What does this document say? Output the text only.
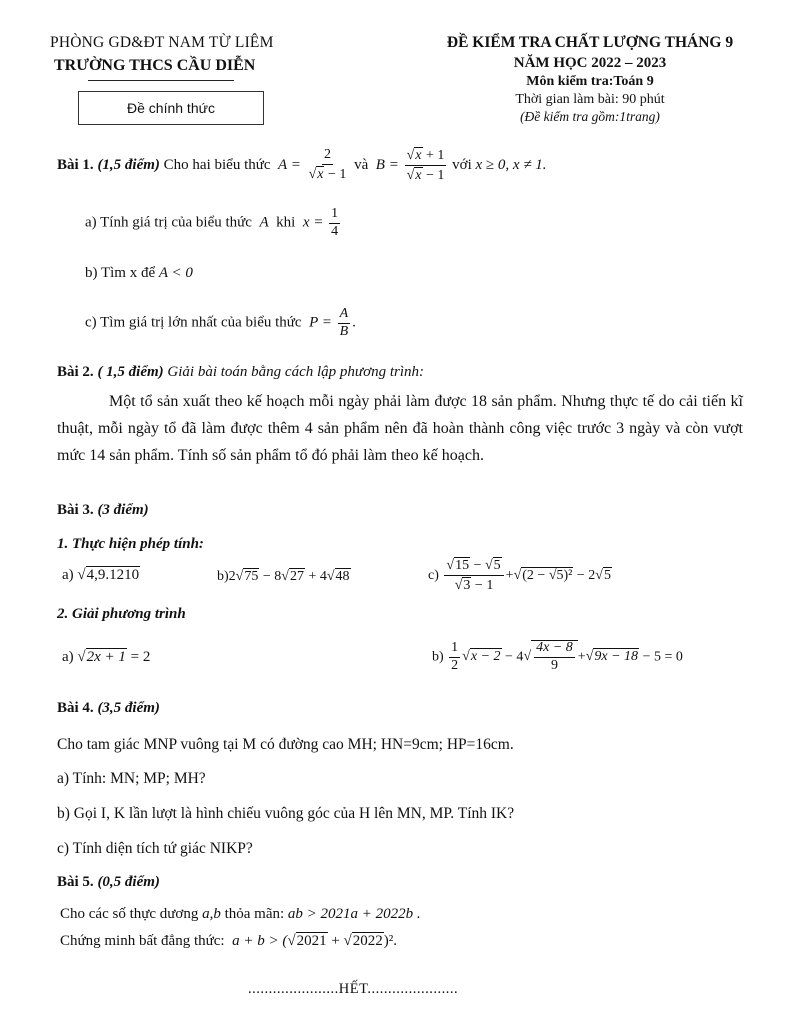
PHÒNG GD&ĐT NAM TỪ LIÊM
TRƯỜNG THCS CẦU DIỄN
Đề chính thức
ĐỀ KIỂM TRA CHẤT LƯỢNG THÁNG 9
NĂM HỌC 2022 – 2023
Môn kiểm tra:Toán 9
Thời gian làm bài: 90 phút
(Đề kiểm tra gồm:1trang)
Bài 1. (1,5 điểm) Cho hai biểu thức  $A = \frac{2}{√x - 1}$ và  $B = \frac{√x + 1}{√x - 1}$ với x ≥ 0, x ≠ 1.
a) Tính giá trị của biểu thức  A  khi  $x = \frac{1}{4}$
b) Tìm x để A < 0
c) Tìm giá trị lớn nhất của biểu thức  $P = \frac{A}{B}$ .
Bài 2. ( 1,5 điểm) Giải bài toán bằng cách lập phương trình:
Một tổ sản xuất theo kế hoạch mỗi ngày phải làm được 18 sản phẩm. Nhưng thực tế do cải tiến kĩ thuật, mỗi ngày tổ đã làm được thêm 4 sản phẩm nên đã hoàn thành công việc trước 3 ngày và còn vượt mức 14 sản phẩm. Tính số sản phẩm tổ đó phải làm theo kế hoạch.
Bài 3. (3 điểm)
1. Thực hiện phép tính:
a) √4,9.1210	b)2√75 − 8√27 + 4√48	$c) \frac{√15 - √5}{√3 - 1} +√(2 - √5)^2 - 2√5$
2. Giải phương trình
a) √2x + 1 = 2	$b) \frac{1}{2} √x - 2 - 4√ \frac{4x - 8}{9} +√9x - 18 - 5 = 0$
Bài 4. (3,5 điểm)
Cho tam giác MNP vuông tại M có đường cao MH; HN=9cm; HP=16cm.
a) Tính: MN; MP; MH?
b) Gọi I, K lần lượt là hình chiếu vuông góc của H lên MN, MP. Tính IK?
c) Tính diện tích tứ giác NIKP?
Bài 5. (0,5 điểm)
Cho các số thực dương a,b thỏa mãn: ab > 2021a + 2022b .
Chứng minh bất đẳng thức:  a + b > (√2021 + √2022)².
......................HẾT......................
